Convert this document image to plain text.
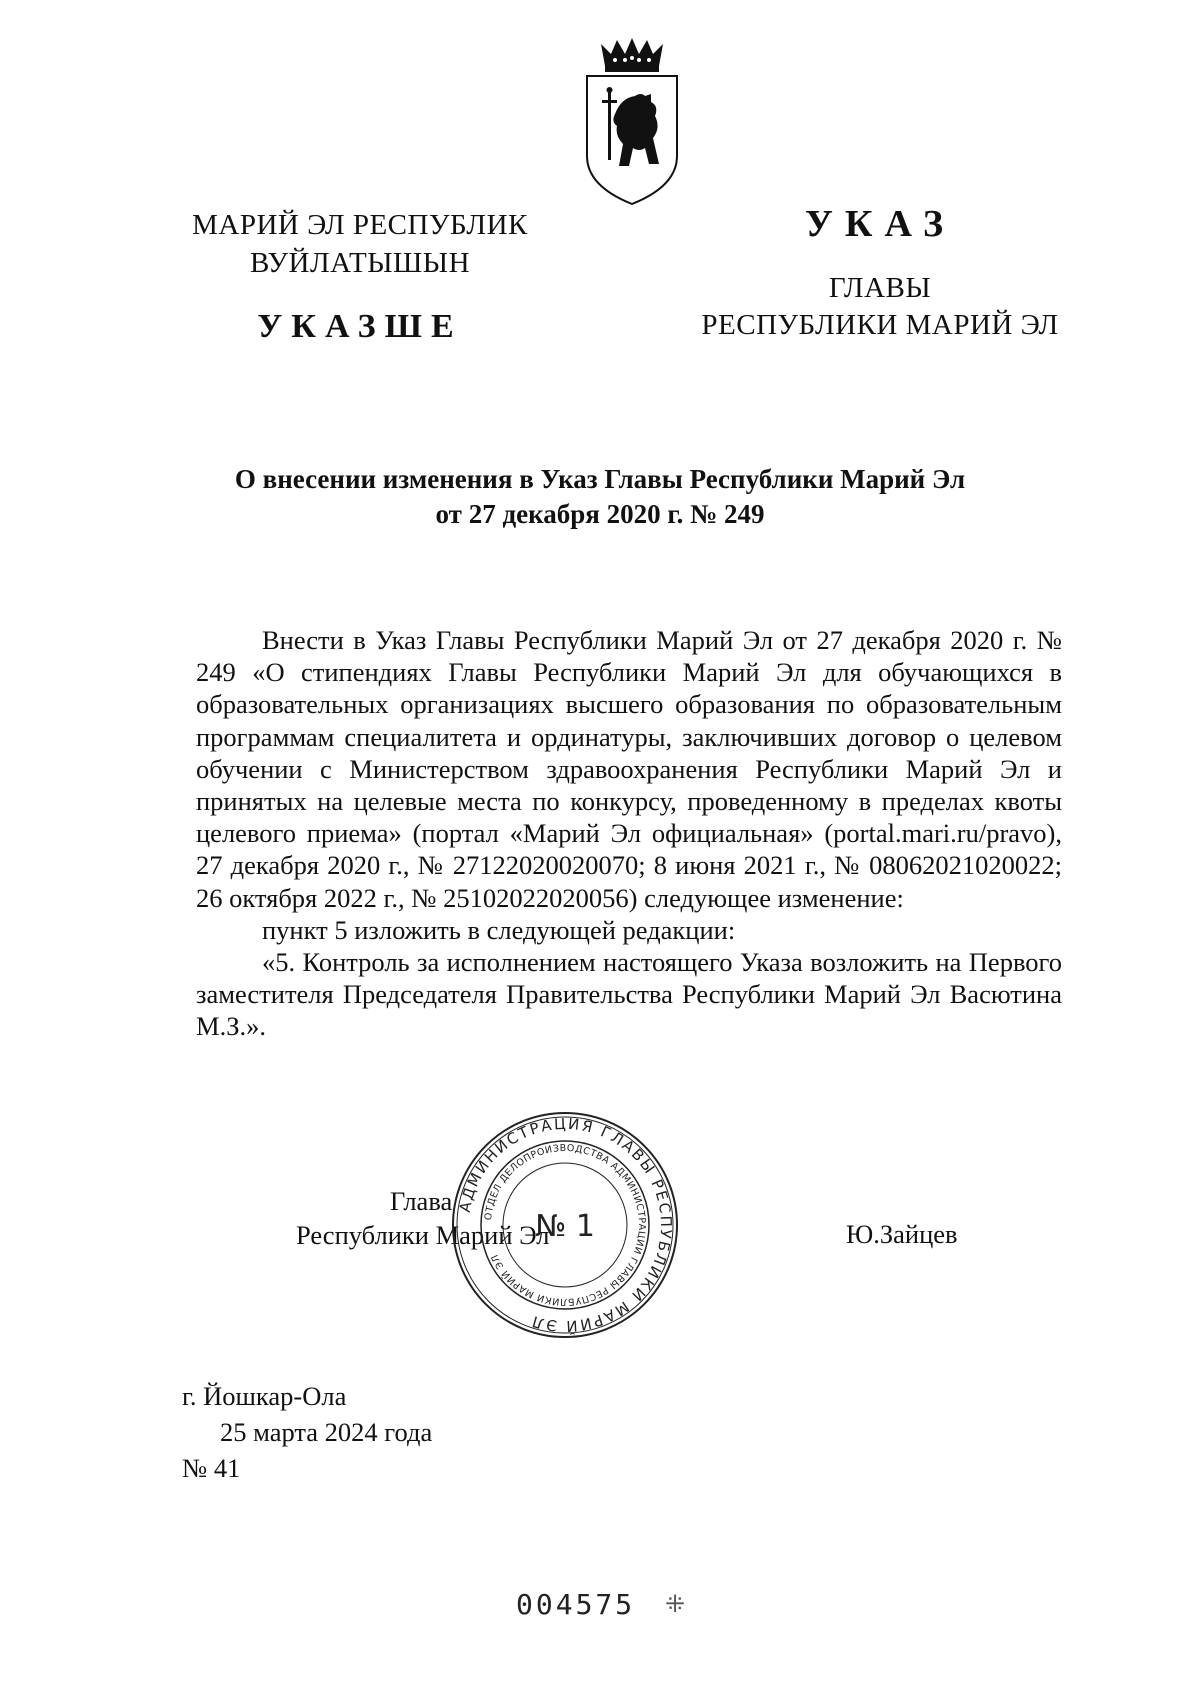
МАРИЙ ЭЛ РЕСПУБЛИК
ВУЙЛАТЫШЫН
УКАЗШЕ
УКАЗ
ГЛАВЫ
РЕСПУБЛИКИ МАРИЙ ЭЛ
О внесении изменения в Указ Главы Республики Марий Эл
от 27 декабря 2020 г. № 249

Внести в Указ Главы Республики Марий Эл от 27 декабря 2020 г. № 249 «О стипендиях Главы Республики Марий Эл для обучающихся в образовательных организациях высшего образования по образовательным программам специалитета и ординатуры, заключивших договор о целевом обучении с Министерством здравоохранения Республики Марий Эл и принятых на целевые места по конкурсу, проведенному в пределах квоты целевого приема» (портал «Марий Эл официальная» (portal.mari.ru/pravo), 27 декабря 2020 г., № 27122020020070; 8 июня 2021 г., № 08062021020022; 26 октября 2022 г., № 25102022020056) следующее изменение:

пункт 5 изложить в следующей редакции:

«5. Контроль за исполнением настоящего Указа возложить на Первого заместителя Председателя Правительства Республики Марий Эл Васютина М.З.».

Глава
Республики Марий Эл	Ю.Зайцев
АДМИНИСТРАЦИЯ ГЛАВЫ РЕСПУБЛИКИ МАРИЙ ЭЛ
ОТДЕЛ ДЕЛОПРОИЗВОДСТВА АДМИНИСТРАЦИИ ГЛАВЫ РЕСПУБЛИКИ МАРИЙ ЭЛ
№ 1
г. Йошкар-Ола
25 марта 2024 года
№ 41
004575 ⁜
